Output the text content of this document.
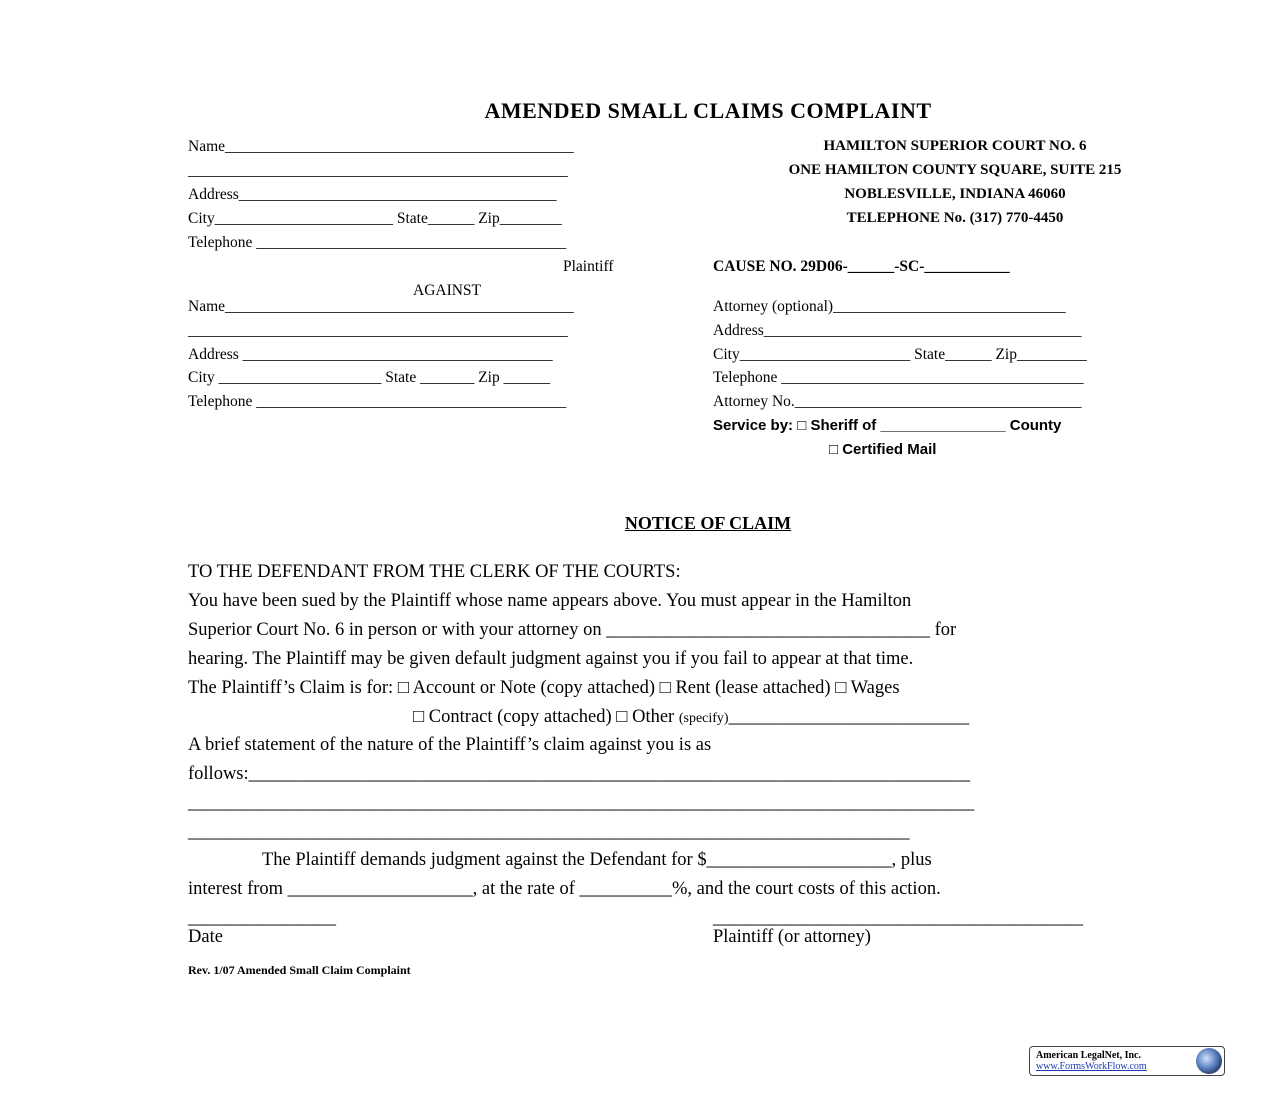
AMENDED SMALL CLAIMS COMPLAINT
Name_____________________________________________
_________________________________________________
Address_________________________________________
City_______________________ State______ Zip________
Telephone ________________________________________
Plaintiff
AGAINST
Name_____________________________________________
_________________________________________________
Address ________________________________________
City _____________________ State _______ Zip ______
Telephone ________________________________________
HAMILTON SUPERIOR COURT NO. 6
ONE HAMILTON COUNTY SQUARE, SUITE 215
NOBLESVILLE, INDIANA 46060
TELEPHONE No. (317) 770-4450
CAUSE NO. 29D06-______-SC-___________
Attorney (optional)______________________________
Address_________________________________________
City______________________ State______ Zip_________
Telephone _______________________________________
Attorney No._____________________________________
Service by: □ Sheriff of _______________ County
□ Certified Mail
NOTICE OF CLAIM
TO THE DEFENDANT FROM THE CLERK OF THE COURTS:
You have been sued by the Plaintiff whose name appears above. You must appear in the Hamilton
Superior Court No. 6 in person or with your attorney on ___________________________________ for
hearing. The Plaintiff may be given default judgment against you if you fail to appear at that time.
The Plaintiff’s Claim is for: □ Account or Note (copy attached) □ Rent (lease attached) □ Wages
□ Contract (copy attached) □ Other (specify)__________________________
A brief statement of the nature of the Plaintiff’s claim against you is as
follows:______________________________________________________________________________
_____________________________________________________________________________________
______________________________________________________________________________
The Plaintiff demands judgment against the Defendant for $____________________, plus
interest from ____________________, at the rate of __________%, and the court costs of this action.
________________	________________________________________
Date	Plaintiff (or attorney)
Rev. 1/07 Amended Small Claim Complaint
American LegalNet, Inc.
www.FormsWorkFlow.com
